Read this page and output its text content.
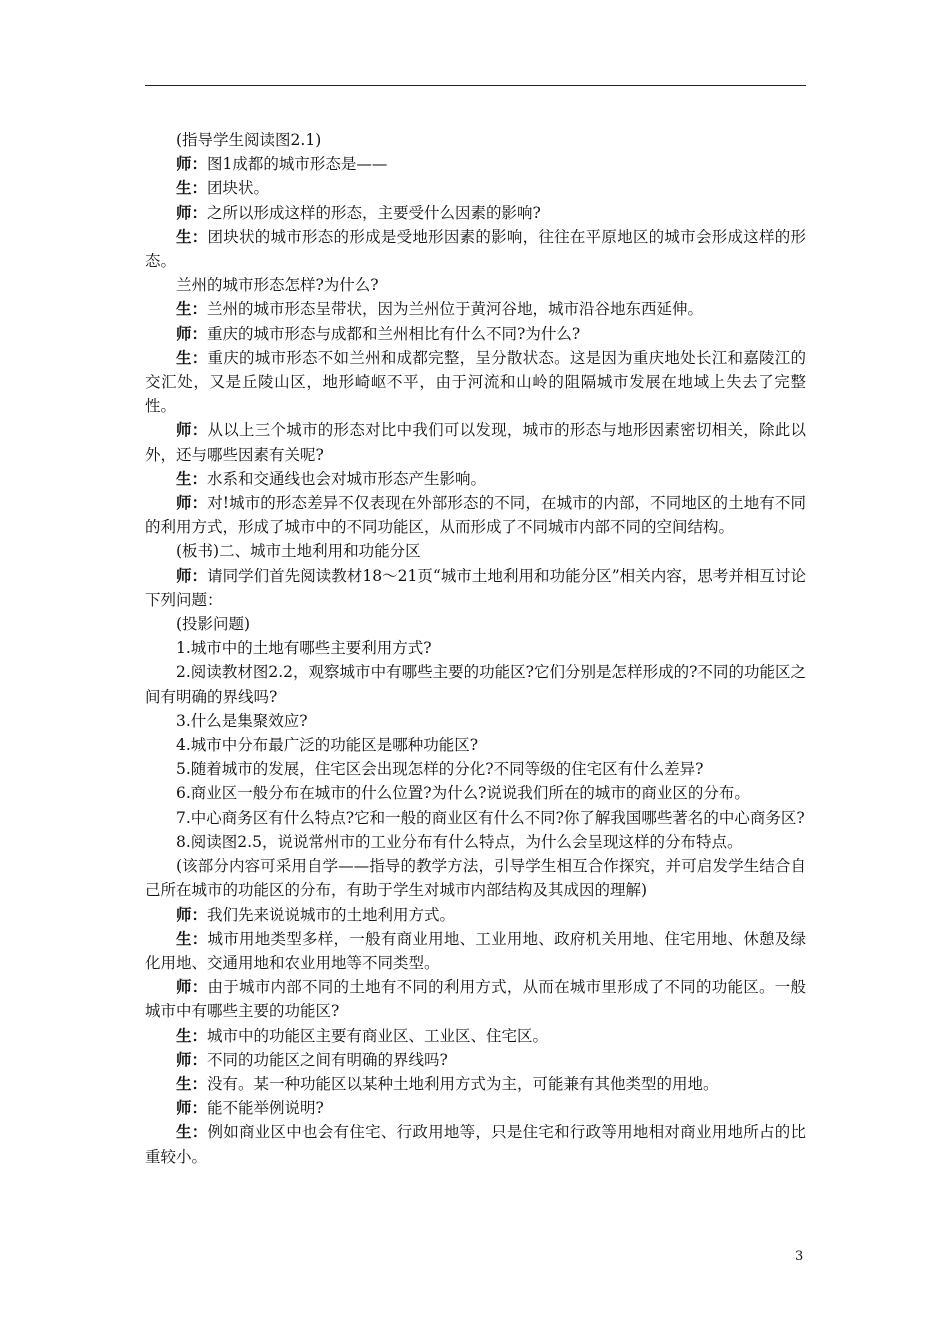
(指导学生阅读图2.1)

师：图1成都的城市形态是——

生：团块状。

师：之所以形成这样的形态，主要受什么因素的影响?

生：团块状的城市形态的形成是受地形因素的影响，往往在平原地区的城市会形成这样的形态。

兰州的城市形态怎样?为什么?

生：兰州的城市形态呈带状，因为兰州位于黄河谷地，城市沿谷地东西延伸。

师：重庆的城市形态与成都和兰州相比有什么不同?为什么?

生：重庆的城市形态不如兰州和成都完整，呈分散状态。这是因为重庆地处长江和嘉陵江的交汇处，又是丘陵山区，地形崎岖不平，由于河流和山岭的阻隔城市发展在地域上失去了完整性。

师：从以上三个城市的形态对比中我们可以发现，城市的形态与地形因素密切相关，除此以外，还与哪些因素有关呢?

生：水系和交通线也会对城市形态产生影响。

师：对!城市的形态差异不仅表现在外部形态的不同，在城市的内部，不同地区的土地有不同的利用方式，形成了城市中的不同功能区，从而形成了不同城市内部不同的空间结构。

(板书)二、城市土地利用和功能分区

师：请同学们首先阅读教材18～21页“城市土地利用和功能分区”相关内容，思考并相互讨论下列问题：

(投影问题)

1.城市中的土地有哪些主要利用方式?

2.阅读教材图2.2，观察城市中有哪些主要的功能区?它们分别是怎样形成的?不同的功能区之间有明确的界线吗?

3.什么是集聚效应?

4.城市中分布最广泛的功能区是哪种功能区?

5.随着城市的发展，住宅区会出现怎样的分化?不同等级的住宅区有什么差异?

6.商业区一般分布在城市的什么位置?为什么?说说我们所在的城市的商业区的分布。

7.中心商务区有什么特点?它和一般的商业区有什么不同?你了解我国哪些著名的中心商务区?

8.阅读图2.5，说说常州市的工业分布有什么特点，为什么会呈现这样的分布特点。

(该部分内容可采用自学——指导的教学方法，引导学生相互合作探究，并可启发学生结合自己所在城市的功能区的分布，有助于学生对城市内部结构及其成因的理解)

师：我们先来说说城市的土地利用方式。

生：城市用地类型多样，一般有商业用地、工业用地、政府机关用地、住宅用地、休憩及绿化用地、交通用地和农业用地等不同类型。

师：由于城市内部不同的土地有不同的利用方式，从而在城市里形成了不同的功能区。一般城市中有哪些主要的功能区?

生：城市中的功能区主要有商业区、工业区、住宅区。

师：不同的功能区之间有明确的界线吗?

生：没有。某一种功能区以某种土地利用方式为主，可能兼有其他类型的用地。

师：能不能举例说明?

生：例如商业区中也会有住宅、行政用地等，只是住宅和行政等用地相对商业用地所占的比重较小。

3
